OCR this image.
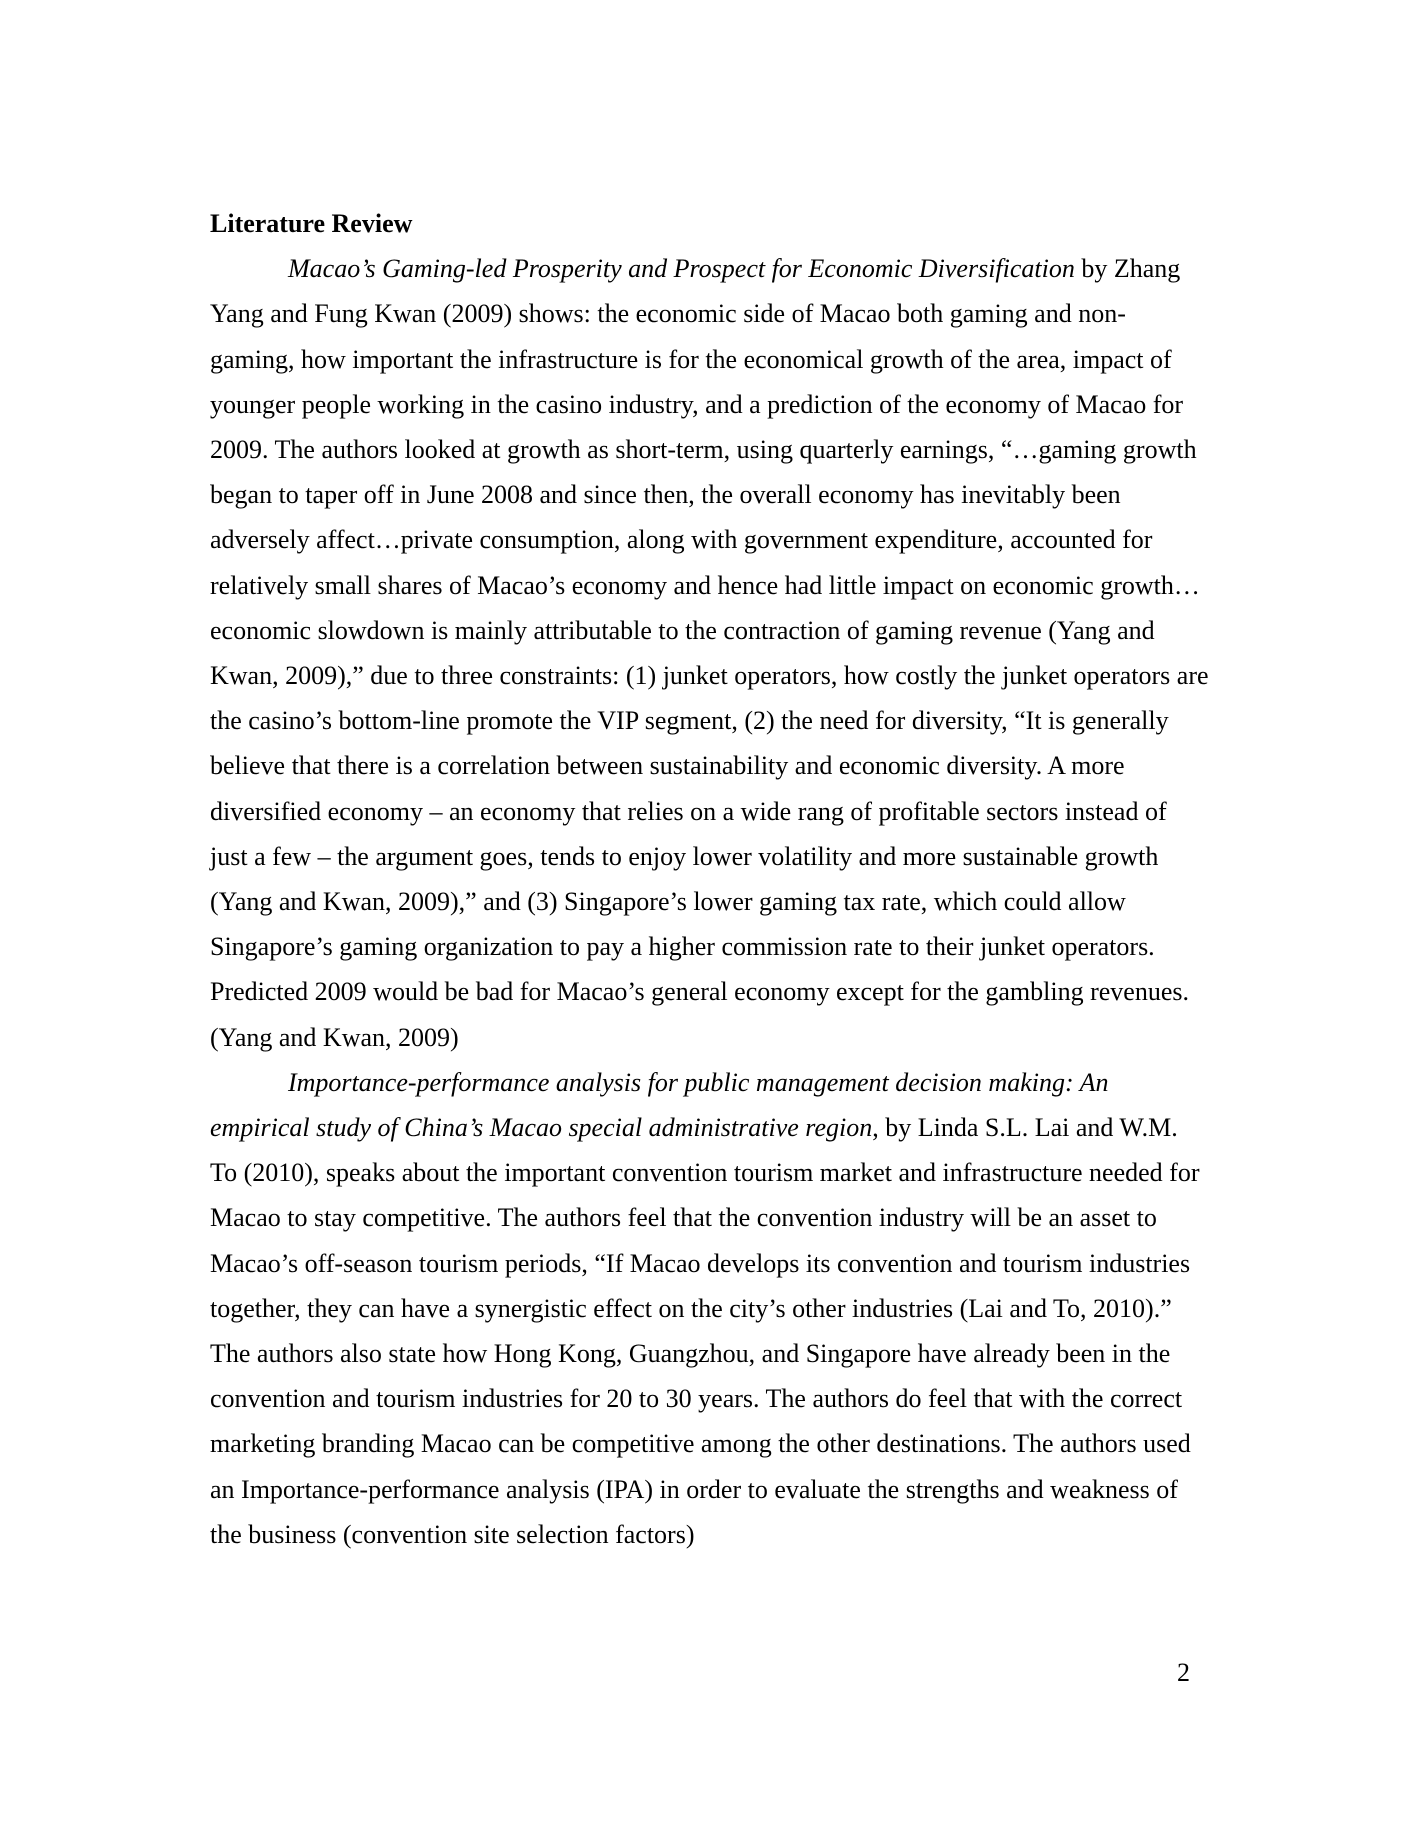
Literature Review

Macao’s Gaming-led Prosperity and Prospect for Economic Diversification by Zhang Yang and Fung Kwan (2009) shows: the economic side of Macao both gaming and non-gaming, how important the infrastructure is for the economical growth of the area, impact of younger people working in the casino industry, and a prediction of the economy of Macao for 2009. The authors looked at growth as short-term, using quarterly earnings, “…gaming growth began to taper off in June 2008 and since then, the overall economy has inevitably been adversely affect…private consumption, along with government expenditure, accounted for relatively small shares of Macao’s economy and hence had little impact on economic growth…economic slowdown is mainly attributable to the contraction of gaming revenue (Yang and Kwan, 2009),” due to three constraints: (1) junket operators, how costly the junket operators are the casino’s bottom-line promote the VIP segment, (2) the need for diversity, “It is generally believe that there is a correlation between sustainability and economic diversity. A more diversified economy – an economy that relies on a wide rang of profitable sectors instead of just a few – the argument goes, tends to enjoy lower volatility and more sustainable growth (Yang and Kwan, 2009),” and (3) Singapore’s lower gaming tax rate, which could allow Singapore’s gaming organization to pay a higher commission rate to their junket operators. Predicted 2009 would be bad for Macao’s general economy except for the gambling revenues. (Yang and Kwan, 2009)

Importance-performance analysis for public management decision making: An empirical study of China’s Macao special administrative region, by Linda S.L. Lai and W.M. To (2010), speaks about the important convention tourism market and infrastructure needed for Macao to stay competitive. The authors feel that the convention industry will be an asset to Macao’s off-season tourism periods, “If Macao develops its convention and tourism industries together, they can have a synergistic effect on the city’s other industries (Lai and To, 2010).” The authors also state how Hong Kong, Guangzhou, and Singapore have already been in the convention and tourism industries for 20 to 30 years. The authors do feel that with the correct marketing branding Macao can be competitive among the other destinations. The authors used an Importance-performance analysis (IPA) in order to evaluate the strengths and weakness of the business (convention site selection factors)

2
